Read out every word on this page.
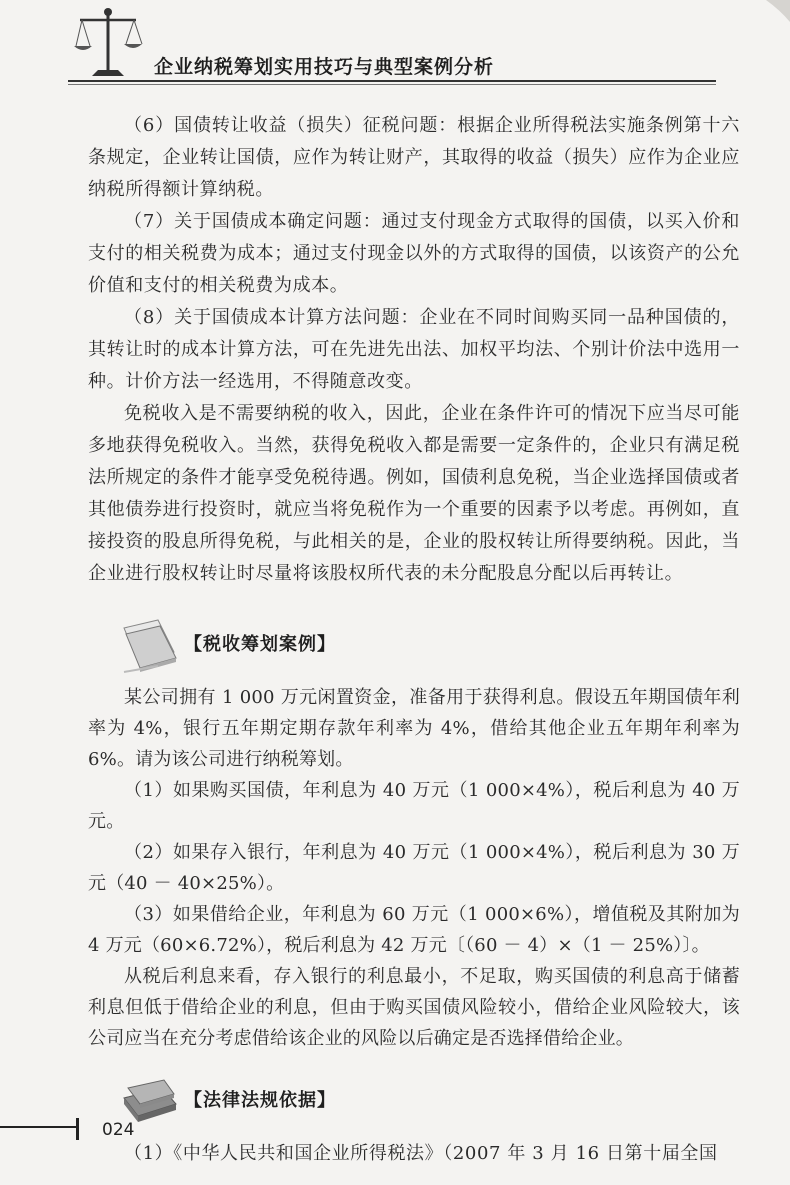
企业纳税筹划实用技巧与典型案例分析

（6）国债转让收益（损失）征税问题：根据企业所得税法实施条例第十六条规定，企业转让国债，应作为转让财产，其取得的收益（损失）应作为企业应纳税所得额计算纳税。

（7）关于国债成本确定问题：通过支付现金方式取得的国债，以买入价和支付的相关税费为成本；通过支付现金以外的方式取得的国债，以该资产的公允价值和支付的相关税费为成本。

（8）关于国债成本计算方法问题：企业在不同时间购买同一品种国债的，其转让时的成本计算方法，可在先进先出法、加权平均法、个别计价法中选用一种。计价方法一经选用，不得随意改变。

免税收入是不需要纳税的收入，因此，企业在条件许可的情况下应当尽可能多地获得免税收入。当然，获得免税收入都是需要一定条件的，企业只有满足税法所规定的条件才能享受免税待遇。例如，国债利息免税，当企业选择国债或者其他债券进行投资时，就应当将免税作为一个重要的因素予以考虑。再例如，直接投资的股息所得免税，与此相关的是，企业的股权转让所得要纳税。因此，当企业进行股权转让时尽量将该股权所代表的未分配股息分配以后再转让。

【税收筹划案例】

某公司拥有 1 000 万元闲置资金，准备用于获得利息。假设五年期国债年利率为 4%，银行五年期定期存款年利率为 4%，借给其他企业五年期年利率为 6%。请为该公司进行纳税筹划。

（1）如果购买国债，年利息为 40 万元（1 000×4%），税后利息为 40 万元。

（2）如果存入银行，年利息为 40 万元（1 000×4%），税后利息为 30 万元（40 － 40×25%）。

（3）如果借给企业，年利息为 60 万元（1 000×6%），增值税及其附加为 4 万元（60×6.72%），税后利息为 42 万元〔（60 － 4）×（1 － 25%）〕。

从税后利息来看，存入银行的利息最小，不足取，购买国债的利息高于储蓄利息但低于借给企业的利息，但由于购买国债风险较小，借给企业风险较大，该公司应当在充分考虑借给该企业的风险以后确定是否选择借给企业。

【法律法规依据】

（1）《中华人民共和国企业所得税法》（2007 年 3 月 16 日第十届全国

024
